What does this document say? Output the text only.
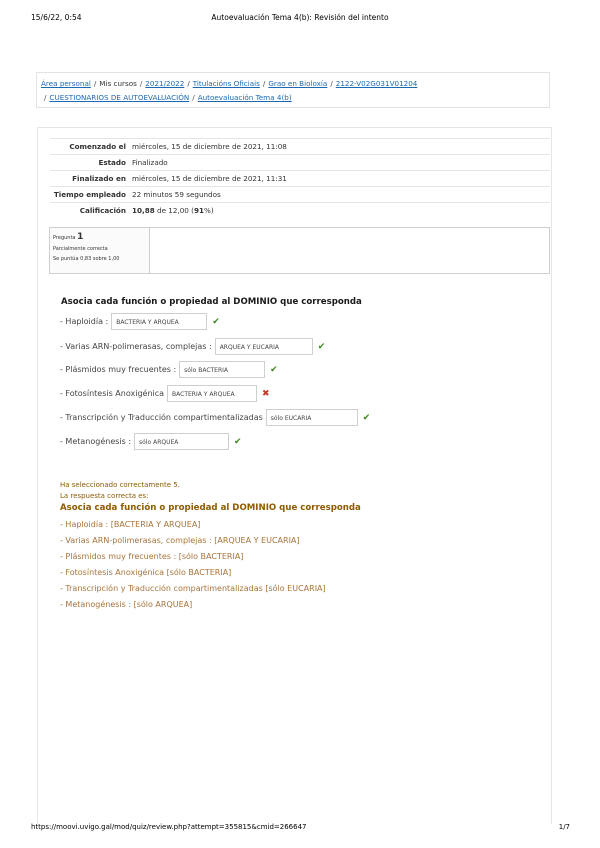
15/6/22, 0:54	Autoevaluación Tema 4(b): Revisión del intento
Área personal / Mis cursos / 2021/2022 / Titulacións Oficiais / Grao en Bioloxía / 2122-V02G031V01204
/ CUESTIONARIOS DE AUTOEVALUACIÓN / Autoevaluación Tema 4(b)
Comenzado el	miércoles, 15 de diciembre de 2021, 11:08
Estado	Finalizado
Finalizado en	miércoles, 15 de diciembre de 2021, 11:31
Tiempo empleado	22 minutos 59 segundos
Calificación	10,88 de 12,00 (91%)
Pregunta 1
Parcialmente correcta
Se puntúa 0,83 sobre 1,00
Asocia cada función o propiedad al DOMINIO que corresponda
- Haploidía :	BACTERIA Y ARQUEA	✔
- Varias ARN-polimerasas, complejas :	ARQUEA Y EUCARIA	✔
- Plásmidos muy frecuentes :	sólo BACTERIA	✔
- Fotosíntesis Anoxigénica	BACTERIA Y ARQUEA	✖
- Transcripción y Traducción compartimentalizadas	sólo EUCARIA	✔
- Metanogénesis :	sólo ARQUEA	✔
Ha seleccionado correctamente 5.
La respuesta correcta es:
Asocia cada función o propiedad al DOMINIO que corresponda
- Haploidía : [BACTERIA Y ARQUEA]
- Varias ARN-polimerasas, complejas : [ARQUEA Y EUCARIA]
- Plásmidos muy frecuentes : [sólo BACTERIA]
- Fotosíntesis Anoxigénica [sólo BACTERIA]
- Transcripción y Traducción compartimentalizadas [sólo EUCARIA]
- Metanogénesis : [sólo ARQUEA]
https://moovi.uvigo.gal/mod/quiz/review.php?attempt=355815&cmid=266647	1/7
